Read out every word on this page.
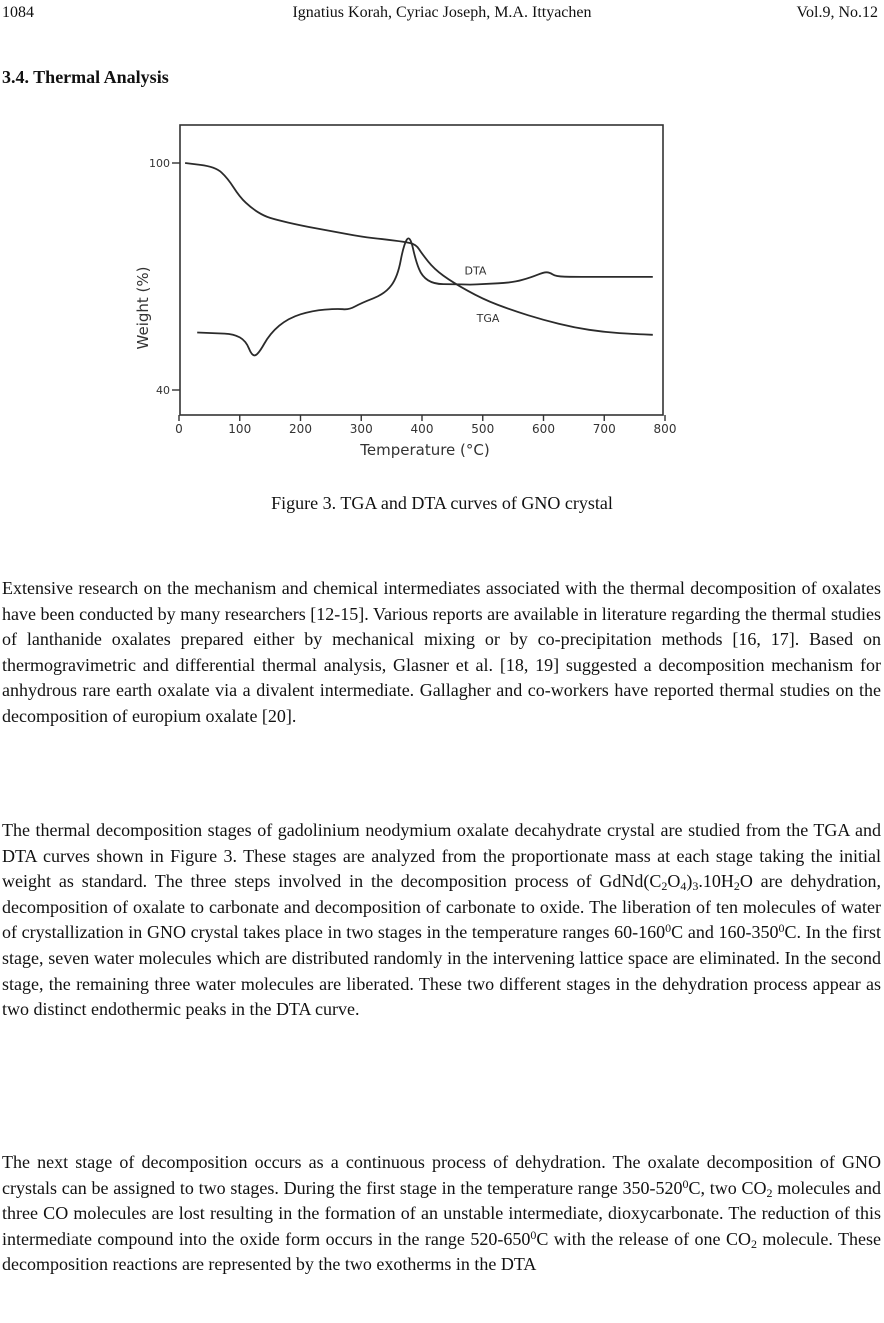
1084	Ignatius Korah, Cyriac Joseph, M.A. Ittyachen	Vol.9, No.12
3.4. Thermal Analysis
100
40
0	100	200	300	400	500	600	700	800
TGA
DTA
Weight (%)
Temperature (°C)
Figure 3. TGA and DTA curves of GNO crystal
Extensive research on the mechanism and chemical intermediates associated with the thermal decomposition of oxalates have been conducted by many researchers [12-15]. Various reports are available in literature regarding the thermal studies of lanthanide oxalates prepared either by mechanical mixing or by co-precipitation methods [16, 17]. Based on thermogravimetric and differential thermal analysis, Glasner et al. [18, 19] suggested a decomposition mechanism for anhydrous rare earth oxalate via a divalent intermediate. Gallagher and co-workers have reported thermal studies on the decomposition of europium oxalate [20].
The thermal decomposition stages of gadolinium neodymium oxalate decahydrate crystal are studied from the TGA and DTA curves shown in Figure 3. These stages are analyzed from the proportionate mass at each stage taking the initial weight as standard. The three steps involved in the decomposition process of $GdNd(C_2O_4)_3.10H_2O$ are dehydration, decomposition of oxalate to carbonate and decomposition of carbonate to oxide. The liberation of ten molecules of water of crystallization in GNO crystal takes place in two stages in the temperature ranges $60-160^0C$ and $160-350^0C$. In the first stage, seven water molecules which are distributed randomly in the intervening lattice space are eliminated. In the second stage, the remaining three water molecules are liberated. These two different stages in the dehydration process appear as two distinct endothermic peaks in the DTA curve.
The next stage of decomposition occurs as a continuous process of dehydration. The oxalate decomposition of GNO crystals can be assigned to two stages. During the first stage in the temperature range $350-520^0C$, two $CO_2$ molecules and three CO molecules are lost resulting in the formation of an unstable intermediate, dioxycarbonate. The reduction of this intermediate compound into the oxide form occurs in the range $520-650^0C$ with the release of one $CO_2$ molecule. These decomposition reactions are represented by the two exotherms in the DTA
